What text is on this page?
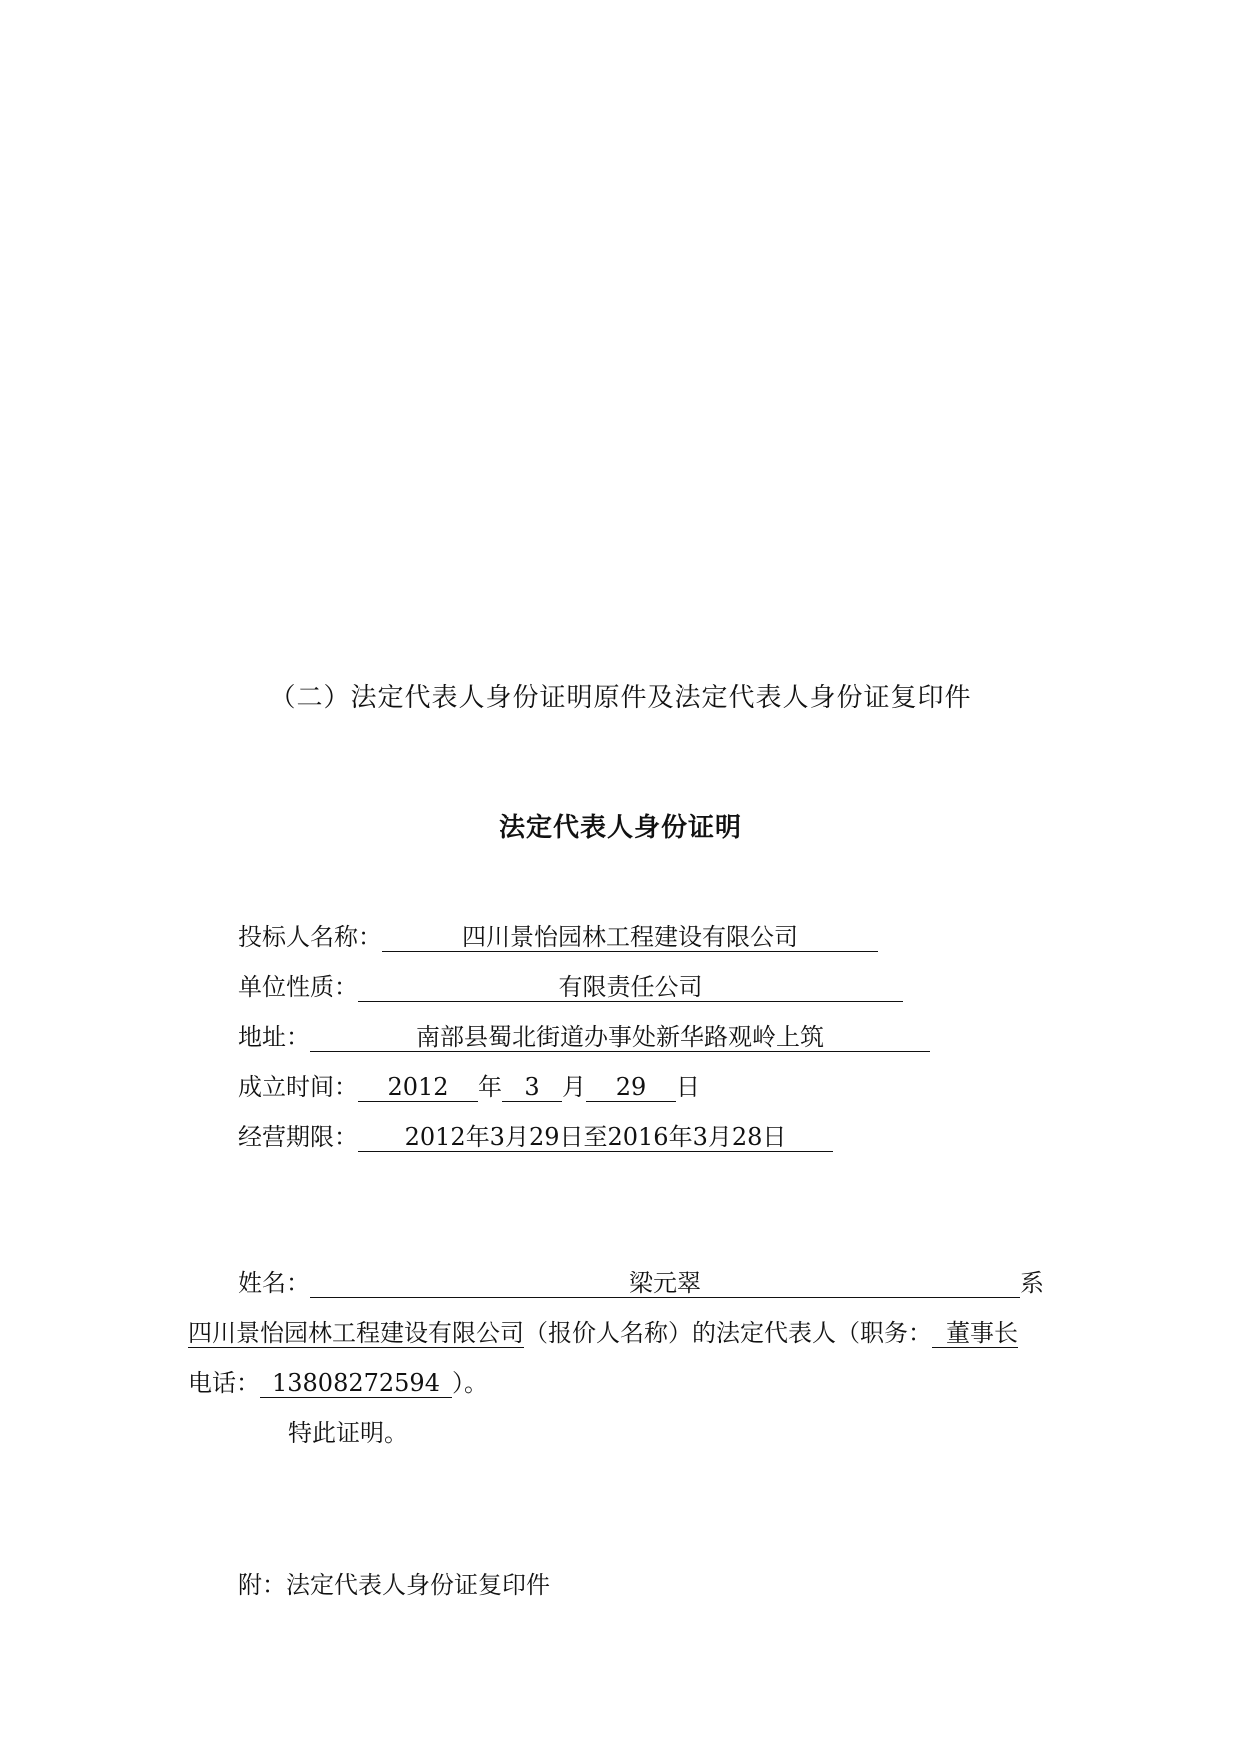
（二）法定代表人身份证明原件及法定代表人身份证复印件
法定代表人身份证明
投标人名称：	四川景怡园林工程建设有限公司
单位性质：	有限责任公司
地址：	南部县蜀北街道办事处新华路观岭上筑
成立时间： 2012 年 3 月 29 日
经营期限： 2012年3月29日至2016年3月28日
姓名：	梁元翠	系
四川景怡园林工程建设有限公司（报价人名称）的法定代表人（职务： 董事长
电话： 13808272594 ）。
特此证明。
附：法定代表人身份证复印件
